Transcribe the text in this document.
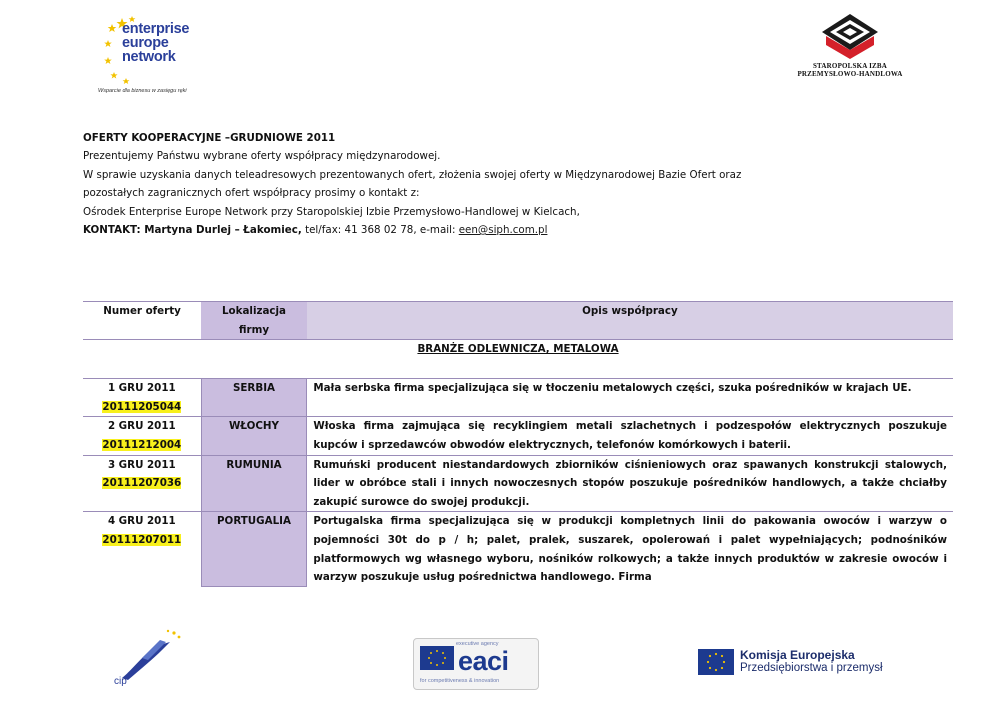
enterprise
europe
network
Wsparcie dla biznesu w zasięgu ręki
STAROPOLSKA IZBA
PRZEMYSŁOWO-HANDLOWA
OFERTY KOOPERACYJNE –GRUDNIOWE 2011
Prezentujemy Państwu wybrane oferty współpracy międzynarodowej.
W sprawie uzyskania danych teleadresowych prezentowanych ofert, złożenia swojej oferty w Międzynarodowej Bazie Ofert oraz
pozostałych zagranicznych ofert współpracy prosimy o kontakt z:
Ośrodek Enterprise Europe Network przy Staropolskiej Izbie Przemysłowo-Handlowej w Kielcach,
KONTAKT: Martyna Durlej – Łakomiec, tel/fax: 41 368 02 78, e-mail: een@siph.com.pl
Numer oferty	Lokalizacja firmy	Opis współpracy
BRANŻE ODLEWNICZA, METALOWA		

1 GRU 2011
20111205044	SERBIA	Mała serbska firma specjalizująca się w tłoczeniu metalowych części, szuka pośredników w krajach UE.

2 GRU 2011
20111212004	WŁOCHY	Włoska firma zajmująca się recyklingiem metali szlachetnych i podzespołów elektrycznych poszukuje kupców i sprzedawców obwodów elektrycznych, telefonów komórkowych i baterii.

3 GRU 2011
20111207036	RUMUNIA	Rumuński producent niestandardowych zbiorników ciśnieniowych oraz spawanych konstrukcji stalowych, lider w obróbce stali i innych nowoczesnych stopów poszukuje pośredników handlowych, a także chciałby zakupić surowce do swojej produkcji.

4 GRU 2011
20111207011	PORTUGALIA	Portugalska firma specjalizująca się w produkcji kompletnych linii do pakowania owoców i warzyw o pojemności 30t do p / h; palet, pralek, suszarek, opolerowań i palet wypełniających; podnośników platformowych wg własnego wyboru, nośników rolkowych; a także innych produktów w zakresie owoców i warzyw poszukuje usług pośrednictwa handlowego. Firma
cip
executive agency
eaci
for competitiveness & innovation
Komisja Europejska
Przedsiębiorstwa i przemysł
